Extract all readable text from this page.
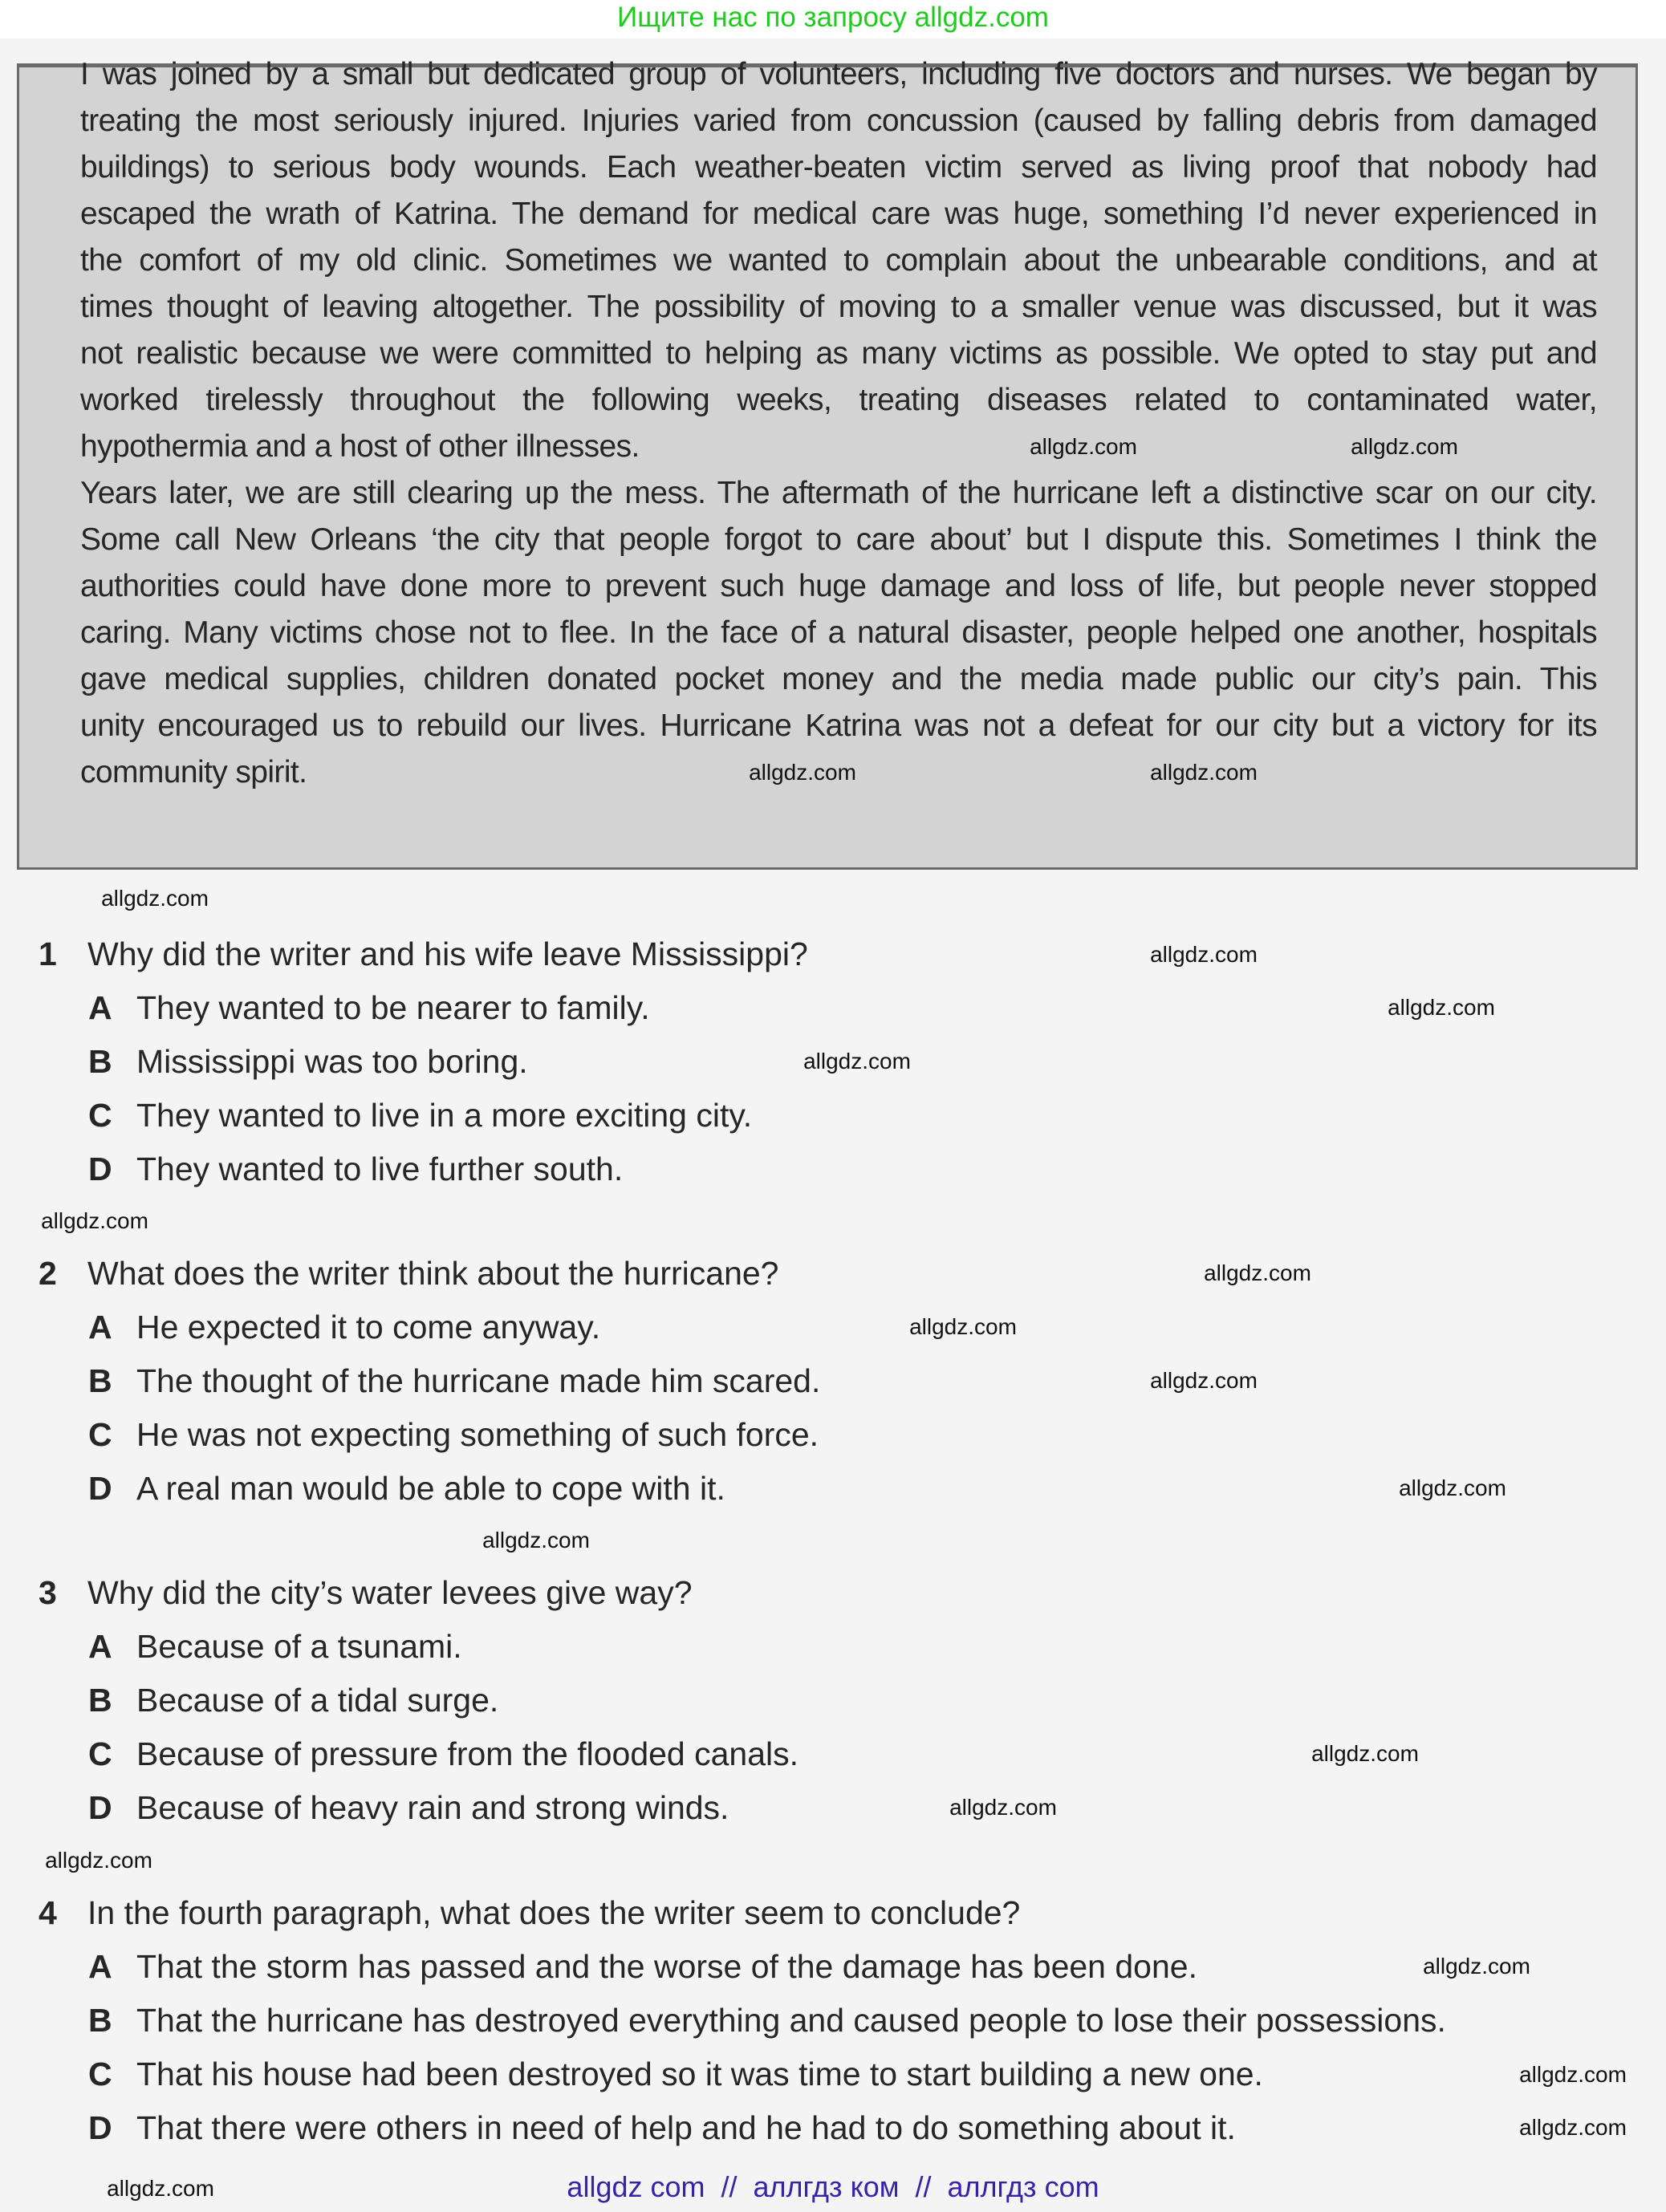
Ищите нас по запросу allgdz.com
I was joined by a small but dedicated group of volunteers, including five doctors and nurses. We began by
treating the most seriously injured. Injuries varied from concussion (caused by falling debris from damaged
buildings) to serious body wounds. Each weather-beaten victim served as living proof that nobody had
escaped the wrath of Katrina. The demand for medical care was huge, something I’d never experienced in
the comfort of my old clinic. Sometimes we wanted to complain about the unbearable conditions, and at
times thought of leaving altogether. The possibility of moving to a smaller venue was discussed, but it was
not realistic because we were committed to helping as many victims as possible. We opted to stay put and
worked tirelessly throughout the following weeks, treating diseases related to contaminated water,
hypothermia and a host of other illnesses.
Years later, we are still clearing up the mess. The aftermath of the hurricane left a distinctive scar on our city.
Some call New Orleans ‘the city that people forgot to care about’ but I dispute this. Sometimes I think the
authorities could have done more to prevent such huge damage and loss of life, but people never stopped
caring. Many victims chose not to flee. In the face of a natural disaster, people helped one another, hospitals
gave medical supplies, children donated pocket money and the media made public our city’s pain. This
unity encouraged us to rebuild our lives. Hurricane Katrina was not a defeat for our city but a victory for its
community spirit.
1 Why did the writer and his wife leave Mississippi?
A They wanted to be nearer to family.
B Mississippi was too boring.
C They wanted to live in a more exciting city.
D They wanted to live further south.
2 What does the writer think about the hurricane?
A He expected it to come anyway.
B The thought of the hurricane made him scared.
C He was not expecting something of such force.
D A real man would be able to cope with it.
3 Why did the city’s water levees give way?
A Because of a tsunami.
B Because of a tidal surge.
C Because of pressure from the flooded canals.
D Because of heavy rain and strong winds.
4 In the fourth paragraph, what does the writer seem to conclude?
A That the storm has passed and the worse of the damage has been done.
B That the hurricane has destroyed everything and caused people to lose their possessions.
C That his house had been destroyed so it was time to start building a new one.
D That there were others in need of help and he had to do something about it.
allgdz.com	allgdz.com
allgdz.com	allgdz.com
allgdz.com
allgdz.com
allgdz.com
allgdz.com
allgdz.com
allgdz.com
allgdz.com
allgdz.com
allgdz.com
allgdz.com
allgdz.com
allgdz.com
allgdz.com
allgdz.com
allgdz.com
allgdz.com
allgdz.com
allgdz com  //  аллгдз ком  //  аллгдз com
